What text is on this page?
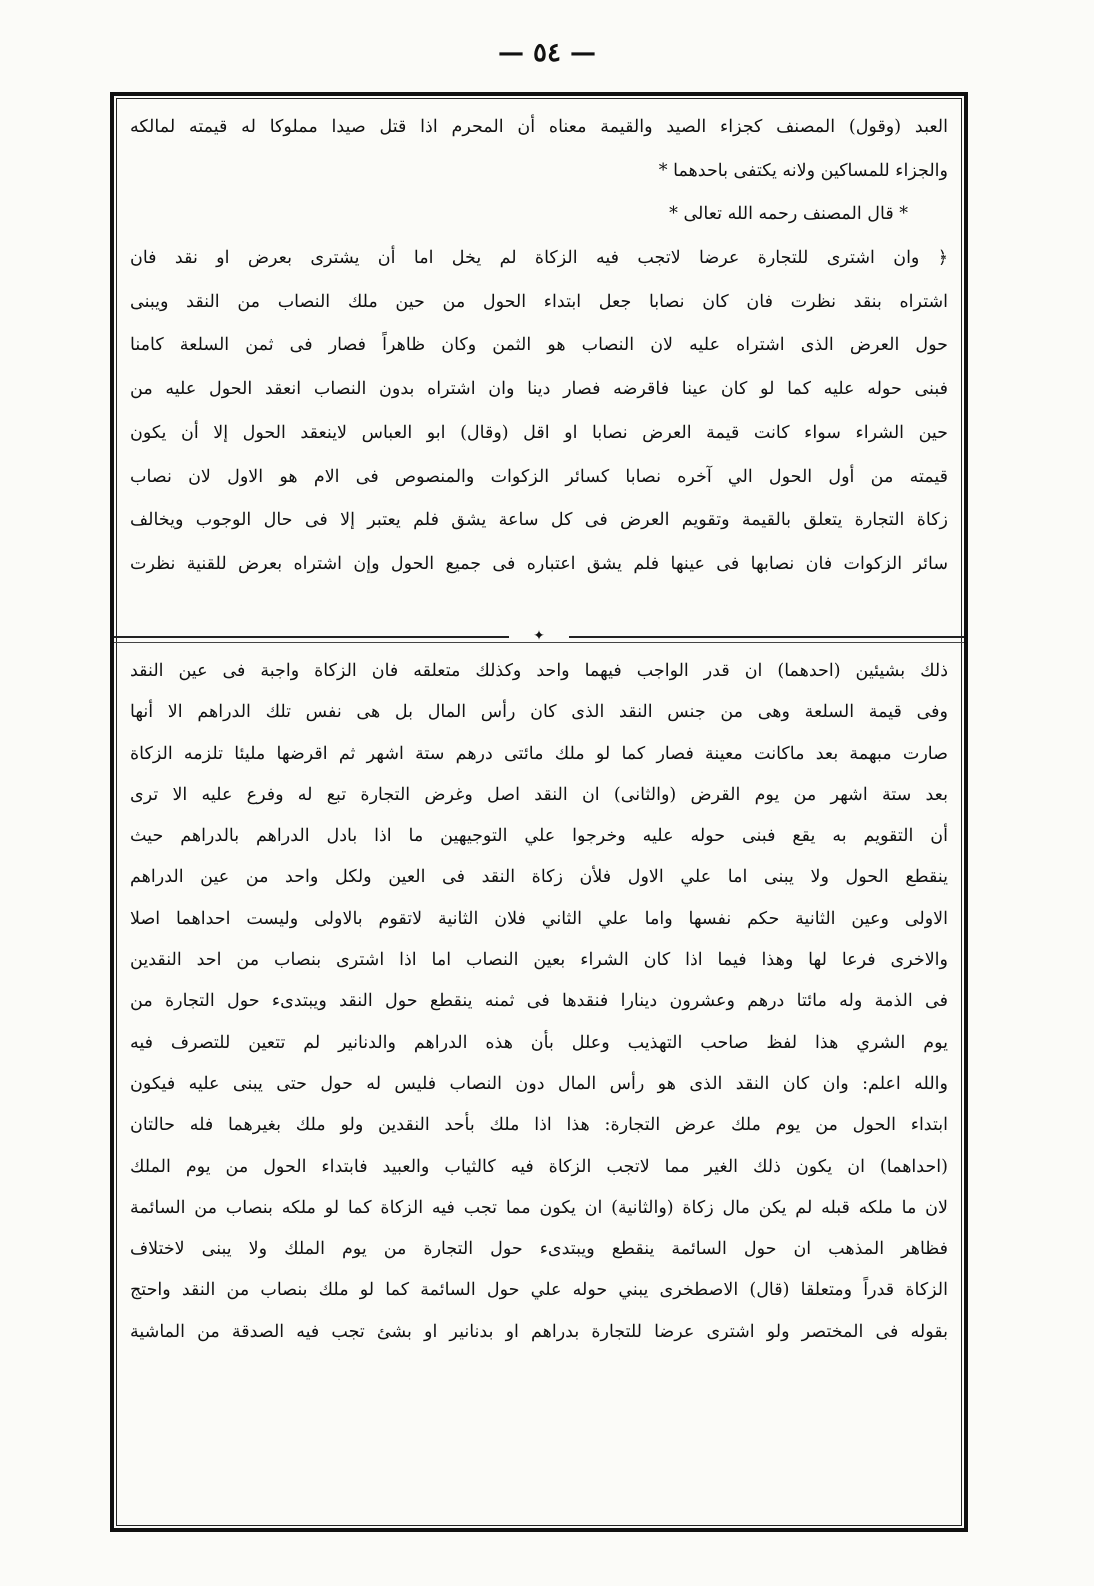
— ٥٤ —
العبد (وقول) المصنف كجزاء الصيد والقيمة معناه أن المحرم اذا قتل صيدا مملوكا له قيمته لمالكه
والجزاء للمساكين ولانه يكتفى باحدهما *
* قال المصنف رحمه الله تعالى *
﴿ وان اشترى للتجارة عرضا لاتجب فيه الزكاة لم يخل اما أن يشترى بعرض او نقد فان
اشتراه بنقد نظرت فان كان نصابا جعل ابتداء الحول من حين ملك النصاب من النقد ويبنى
حول العرض الذى اشتراه عليه لان النصاب هو الثمن وكان ظاهراً فصار فى ثمن السلعة كامنا
فبنى حوله عليه كما لو كان عينا فاقرضه فصار دينا وان اشتراه بدون النصاب انعقد الحول عليه من
حين الشراء سواء كانت قيمة العرض نصابا او اقل (وقال) ابو العباس لاينعقد الحول إلا أن يكون
قيمته من أول الحول الي آخره نصابا كسائر الزكوات والمنصوص فى الام هو الاول لان نصاب
زكاة التجارة يتعلق بالقيمة وتقويم العرض فى كل ساعة يشق فلم يعتبر إلا فى حال الوجوب ويخالف
سائر الزكوات فان نصابها فى عينها فلم يشق اعتباره فى جميع الحول وإن اشتراه بعرض للقنية نظرت
✦
ذلك بشيئين (احدهما) ان قدر الواجب فيهما واحد وكذلك متعلقه فان الزكاة واجبة فى عين النقد
وفى قيمة السلعة وهى من جنس النقد الذى كان رأس المال بل هى نفس تلك الدراهم الا أنها
صارت مبهمة بعد ماكانت معينة فصار كما لو ملك مائتى درهم ستة اشهر ثم اقرضها مليئا تلزمه الزكاة
بعد ستة اشهر من يوم القرض (والثانى) ان النقد اصل وغرض التجارة تبع له وفرع عليه الا ترى
أن التقويم به يقع فبنى حوله عليه وخرجوا علي التوجيهين ما اذا بادل الدراهم بالدراهم حيث
ينقطع الحول ولا يبنى اما علي الاول فلأن زكاة النقد فى العين ولكل واحد من عين الدراهم
الاولى وعين الثانية حكم نفسها واما علي الثاني فلان الثانية لاتقوم بالاولى وليست احداهما اصلا
والاخرى فرعا لها وهذا فيما اذا كان الشراء بعين النصاب اما اذا اشترى بنصاب من احد النقدين
فى الذمة وله مائتا درهم وعشرون دينارا فنقدها فى ثمنه ينقطع حول النقد ويبتدىء حول التجارة من
يوم الشري هذا لفظ صاحب التهذيب وعلل بأن هذه الدراهم والدنانير لم تتعين للتصرف فيه
والله اعلم: وان كان النقد الذى هو رأس المال دون النصاب فليس له حول حتى يبنى عليه فيكون
ابتداء الحول من يوم ملك عرض التجارة: هذا اذا ملك بأحد النقدين ولو ملك بغيرهما فله حالتان
(احداهما) ان يكون ذلك الغير مما لاتجب الزكاة فيه كالثياب والعبيد فابتداء الحول من يوم الملك
لان ما ملكه قبله لم يكن مال زكاة (والثانية) ان يكون مما تجب فيه الزكاة كما لو ملكه بنصاب من السائمة
فظاهر المذهب ان حول السائمة ينقطع ويبتدىء حول التجارة من يوم الملك ولا يبنى لاختلاف
الزكاة قدراً ومتعلقا (قال) الاصطخرى يبني حوله علي حول السائمة كما لو ملك بنصاب من النقد واحتج
بقوله فى المختصر ولو اشترى عرضا للتجارة بدراهم او بدنانير او بشئ تجب فيه الصدقة من الماشية
